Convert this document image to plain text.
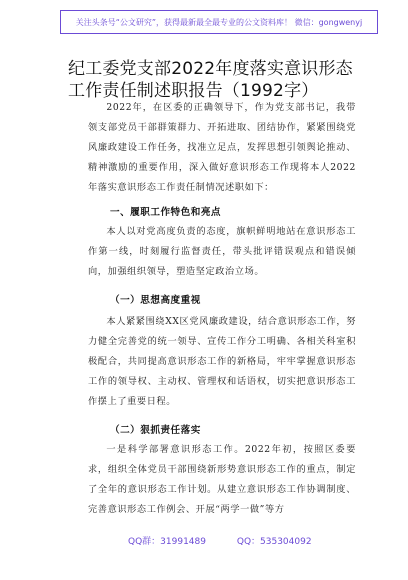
关注头条号“公文研究”，获得最新最全最专业的公文资料库！ 微信：gongwenyj
纪工委党支部2022年度落实意识形态工作责任制述职报告（1992字）
2022年，在区委的正确领导下，作为党支部书记，我带领支部党员干部群策群力、开拓进取、团结协作，紧紧围绕党风廉政建设工作任务，找准立足点，发挥思想引领舆论推动、精神激励的重要作用，深入做好意识形态工作现将本人2022年落实意识形态工作责任制情况述职如下：
一、履职工作特色和亮点
本人以对党高度负责的态度，旗帜鲜明地站在意识形态工作第一线，时刻履行监督责任，带头批评错误观点和错误倾向，加强组织领导，塑造坚定政治立场。
（一）思想高度重视
本人紧紧围绕XX区党风廉政建设，结合意识形态工作，努力健全完善党的统一领导、宣传工作分工明确、各相关科室积极配合，共同提高意识形态工作的新格局，牢牢掌握意识形态工作的领导权、主动权、管理权和话语权，切实把意识形态工作摆上了重要日程。
（二）狠抓责任落实
一是科学部署意识形态工作。2022年初，按照区委要求，组织全体党员干部围绕新形势意识形态工作的重点，制定了全年的意识形态工作计划。从建立意识形态工作协调制度、完善意识形态工作例会、开展“两学一做”等方
QQ群：31991489	QQ：535304092
